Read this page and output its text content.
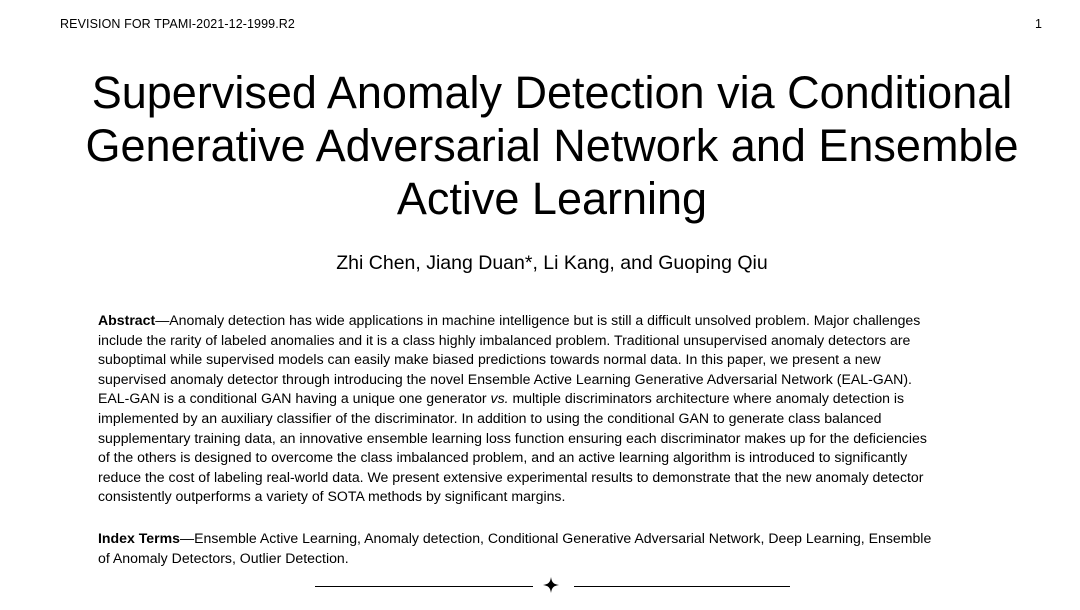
REVISION FOR TPAMI-2021-12-1999.R2	1
Supervised Anomaly Detection via Conditional
Generative Adversarial Network and Ensemble
Active Learning
Zhi Chen, Jiang Duan*, Li Kang, and Guoping Qiu
Abstract—Anomaly detection has wide applications in machine intelligence but is still a difficult unsolved problem. Major challenges
include the rarity of labeled anomalies and it is a class highly imbalanced problem. Traditional unsupervised anomaly detectors are
suboptimal while supervised models can easily make biased predictions towards normal data. In this paper, we present a new
supervised anomaly detector through introducing the novel Ensemble Active Learning Generative Adversarial Network (EAL-GAN).
EAL-GAN is a conditional GAN having a unique one generator vs. multiple discriminators architecture where anomaly detection is
implemented by an auxiliary classifier of the discriminator. In addition to using the conditional GAN to generate class balanced
supplementary training data, an innovative ensemble learning loss function ensuring each discriminator makes up for the deficiencies
of the others is designed to overcome the class imbalanced problem, and an active learning algorithm is introduced to significantly
reduce the cost of labeling real-world data. We present extensive experimental results to demonstrate that the new anomaly detector
consistently outperforms a variety of SOTA methods by significant margins.
Index Terms—Ensemble Active Learning, Anomaly detection, Conditional Generative Adversarial Network, Deep Learning, Ensemble
of Anomaly Detectors, Outlier Detection.
